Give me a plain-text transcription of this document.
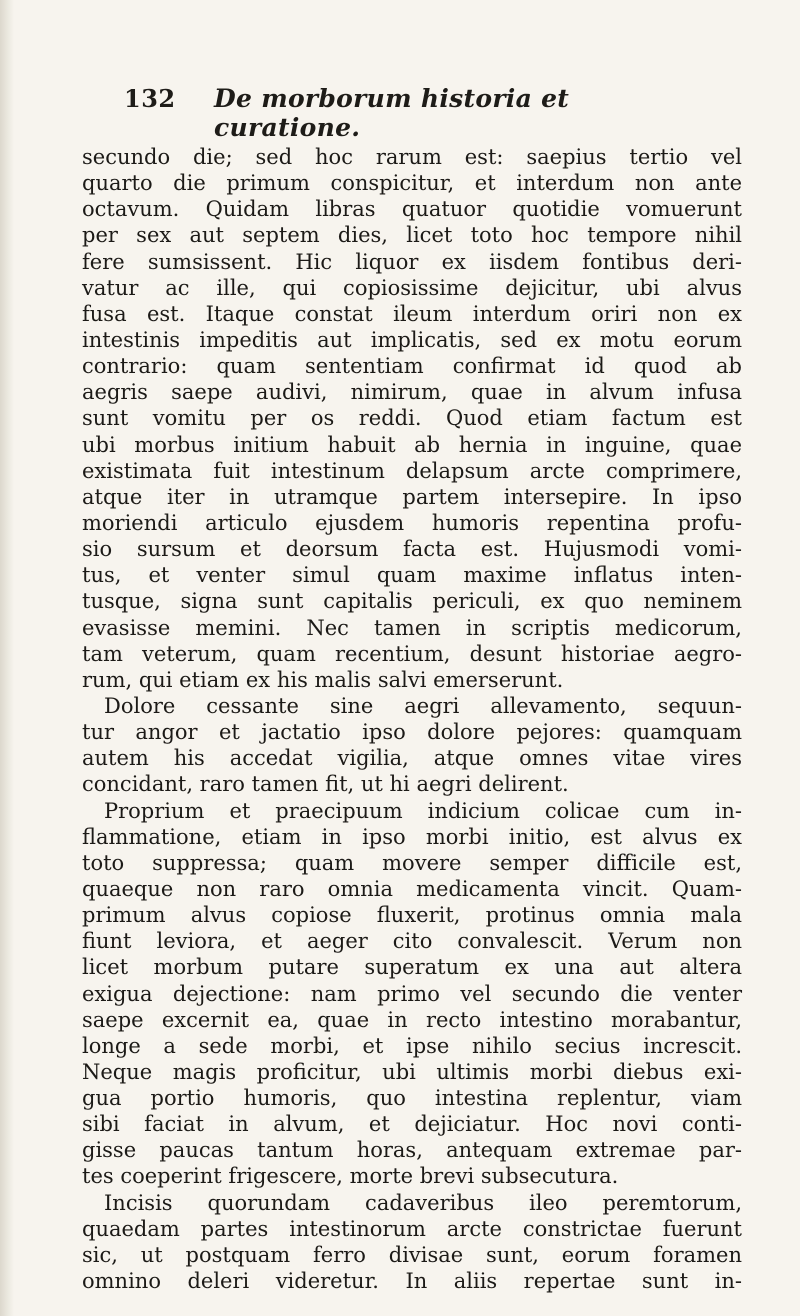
132 De morborum historia et curatione.
secundo die; sed hoc rarum est: saepius tertio vel
quarto die primum conspicitur, et interdum non ante
octavum. Quidam libras quatuor quotidie vomuerunt
per sex aut septem dies, licet toto hoc tempore nihil
fere sumsissent. Hic liquor ex iisdem fontibus deri-
vatur ac ille, qui copiosissime dejicitur, ubi alvus
fusa est. Itaque constat ileum interdum oriri non ex
intestinis impeditis aut implicatis, sed ex motu eorum
contrario: quam sententiam confirmat id quod ab
aegris saepe audivi, nimirum, quae in alvum infusa
sunt vomitu per os reddi. Quod etiam factum est
ubi morbus initium habuit ab hernia in inguine, quae
existimata fuit intestinum delapsum arcte comprimere,
atque iter in utramque partem intersepire. In ipso
moriendi articulo ejusdem humoris repentina profu-
sio sursum et deorsum facta est. Hujusmodi vomi-
tus, et venter simul quam maxime inflatus inten-
tusque, signa sunt capitalis periculi, ex quo neminem
evasisse memini. Nec tamen in scriptis medicorum,
tam veterum, quam recentium, desunt historiae aegro-
rum, qui etiam ex his malis salvi emerserunt.
Dolore cessante sine aegri allevamento, sequun-
tur angor et jactatio ipso dolore pejores: quamquam
autem his accedat vigilia, atque omnes vitae vires
concidant, raro tamen fit, ut hi aegri delirent.
Proprium et praecipuum indicium colicae cum in-
flammatione, etiam in ipso morbi initio, est alvus ex
toto suppressa; quam movere semper difficile est,
quaeque non raro omnia medicamenta vincit. Quam-
primum alvus copiose fluxerit, protinus omnia mala
fiunt leviora, et aeger cito convalescit. Verum non
licet morbum putare superatum ex una aut altera
exigua dejectione: nam primo vel secundo die venter
saepe excernit ea, quae in recto intestino morabantur,
longe a sede morbi, et ipse nihilo secius increscit.
Neque magis proficitur, ubi ultimis morbi diebus exi-
gua portio humoris, quo intestina replentur, viam
sibi faciat in alvum, et dejiciatur. Hoc novi conti-
gisse paucas tantum horas, antequam extremae par-
tes coeperint frigescere, morte brevi subsecutura.
Incisis quorundam cadaveribus ileo peremtorum,
quaedam partes intestinorum arcte constrictae fuerunt
sic, ut postquam ferro divisae sunt, eorum foramen
omnino deleri videretur. In aliis repertae sunt in-
